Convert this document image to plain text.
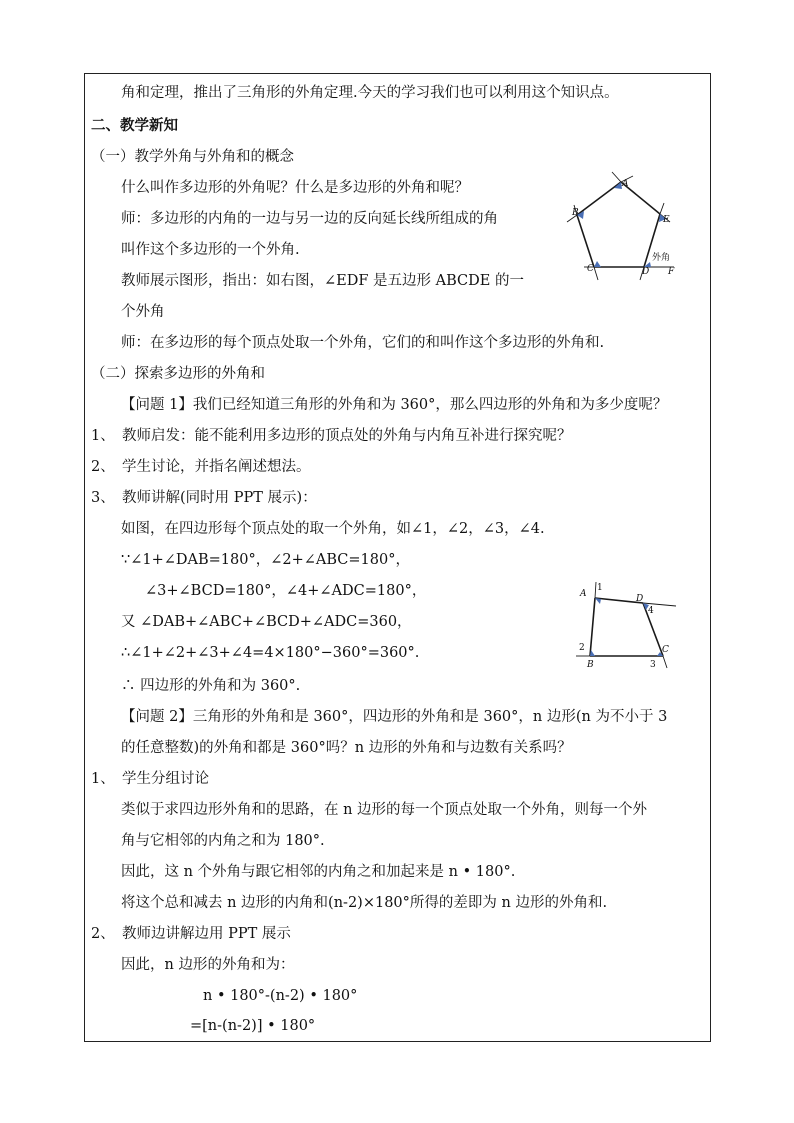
角和定理，推出了三角形的外角定理.今天的学习我们也可以利用这个知识点。
二、教学新知
（一）教学外角与外角和的概念
什么叫作多边形的外角呢？什么是多边形的外角和呢？
师：多边形的内角的一边与另一边的反向延长线所组成的角
叫作这个多边形的一个外角.
教师展示图形，指出：如右图，∠EDF 是五边形 ABCDE 的一
个外角
师：在多边形的每个顶点处取一个外角，它们的和叫作这个多边形的外角和.
（二）探索多边形的外角和
【问题 1】我们已经知道三角形的外角和为 360°，那么四边形的外角和为多少度呢？
1、　教师启发：能不能利用多边形的顶点处的外角与内角互补进行探究呢？
2、　学生讨论，并指名阐述想法。
3、　教师讲解(同时用 PPT 展示)：
如图，在四边形每个顶点处的取一个外角，如∠1，∠2，∠3，∠4.
∵∠1+∠DAB=180°，∠2+∠ABC=180°，
∠3+∠BCD=180°，∠4+∠ADC=180°，
又 ∠DAB+∠ABC+∠BCD+∠ADC=360，
∴∠1+∠2+∠3+∠4=4×180°−360°=360°.
∴ 四边形的外角和为 360°.
【问题 2】三角形的外角和是 360°，四边形的外角和是 360°，n 边形(n 为不小于 3
的任意整数)的外角和都是 360°吗？n 边形的外角和与边数有关系吗？
1、　学生分组讨论
类似于求四边形外角和的思路，在 n 边形的每一个顶点处取一个外角，则每一个外
角与它相邻的内角之和为 180°.
因此，这 n 个外角与跟它相邻的内角之和加起来是 n • 180°.
将这个总和减去 n 边形的内角和(n-2)×180°所得的差即为 n 边形的外角和.
2、　教师边讲解边用 PPT 展示
因此，n 边形的外角和为：
n • 180°-(n-2) • 180°
=[n-(n-2)] • 180°
A
B
E
C	D F
外角
A	D
B
C
1
2
3
4
